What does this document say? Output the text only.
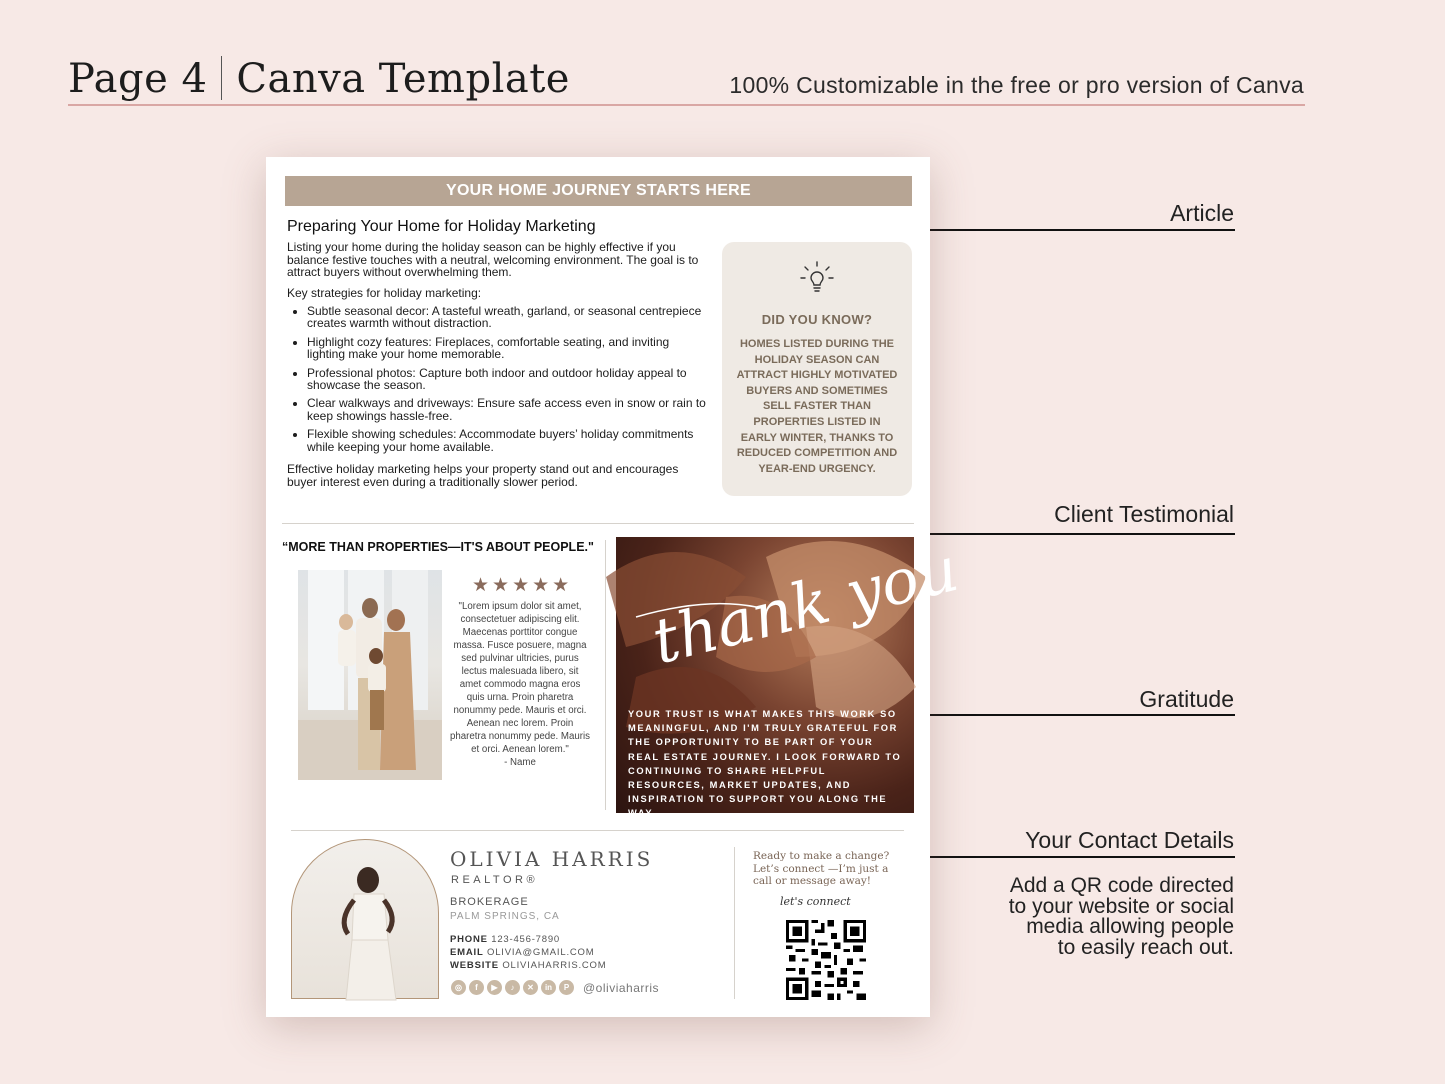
Page 4 Canva Template	100% Customizable in the free or pro version of Canva
Article
Client Testimonial
Gratitude
Your Contact Details
Add a QR code directed
to your website or social
media allowing people
to easily reach out.
YOUR HOME JOURNEY STARTS HERE
Preparing Your Home for Holiday Marketing

Listing your home during the holiday season can be highly effective if you balance festive touches with a neutral, welcoming environment. The goal is to attract buyers without overwhelming them.

Key strategies for holiday marketing:

• Subtle seasonal decor: A tasteful wreath, garland, or seasonal centrepiece creates warmth without distraction.
• Highlight cozy features: Fireplaces, comfortable seating, and inviting lighting make your home memorable.
• Professional photos: Capture both indoor and outdoor holiday appeal to showcase the season.
• Clear walkways and driveways: Ensure safe access even in snow or rain to keep showings hassle-free.
• Flexible showing schedules: Accommodate buyers’ holiday commitments while keeping your home available.

Effective holiday marketing helps your property stand out and encourages buyer interest even during a traditionally slower period.

DID YOU KNOW?

HOMES LISTED DURING THE HOLIDAY SEASON CAN ATTRACT HIGHLY MOTIVATED BUYERS AND SOMETIMES SELL FASTER THAN PROPERTIES LISTED IN EARLY WINTER, THANKS TO REDUCED COMPETITION AND YEAR-END URGENCY.

“MORE THAN PROPERTIES—IT'S ABOUT PEOPLE."
★★★★★
"Lorem ipsum dolor sit amet, consectetuer adipiscing elit. Maecenas porttitor congue massa. Fusce posuere, magna sed pulvinar ultricies, purus lectus malesuada libero, sit amet commodo magna eros quis urna. Proin pharetra nonummy pede. Mauris et orci. Aenean nec lorem. Proin pharetra nonummy pede. Mauris et orci. Aenean lorem."
- Name
thank you
YOUR TRUST IS WHAT MAKES THIS WORK SO MEANINGFUL, AND I'M TRULY GRATEFUL FOR THE OPPORTUNITY TO BE PART OF YOUR REAL ESTATE JOURNEY. I LOOK FORWARD TO CONTINUING TO SHARE HELPFUL RESOURCES, MARKET UPDATES, AND INSPIRATION TO SUPPORT YOU ALONG THE WAY.
OLIVIA HARRIS
REALTOR®
BROKERAGE
PALM SPRINGS, CA
PHONE 123-456-7890
EMAIL OLIVIA@GMAIL.COM
WEBSITE OLIVIAHARRIS.COM
◎	f	▶	♪	✕	in	P	@oliviaharris
Ready to make a change? Let’s connect —I’m just a call or message away!
let's connect
